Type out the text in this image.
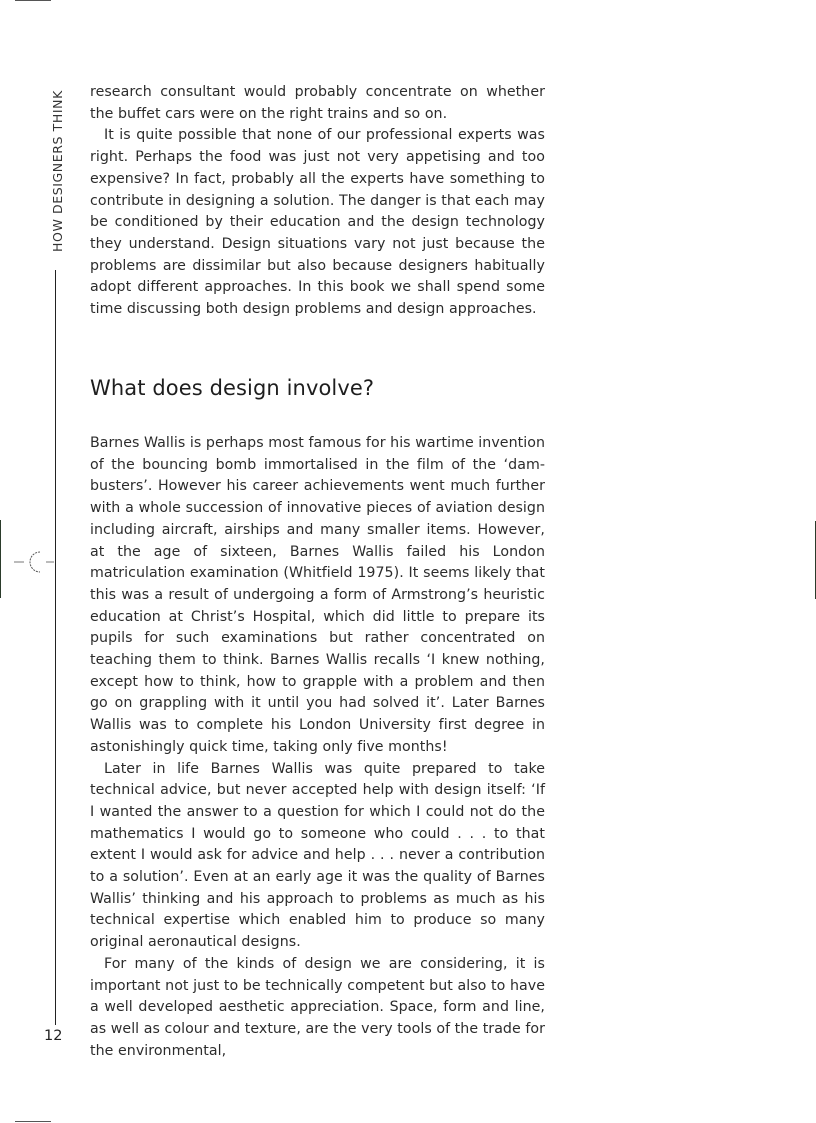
HOW DESIGNERS THINK
12

research consultant would probably concentrate on whether the buffet cars were on the right trains and so on.

It is quite possible that none of our professional experts was right. Perhaps the food was just not very appetising and too expensive? In fact, probably all the experts have something to contribute in designing a solution. The danger is that each may be conditioned by their education and the design technology they understand. Design situations vary not just because the problems are dissimilar but also because designers habitually adopt different approaches. In this book we shall spend some time discussing both design problems and design approaches.

What does design involve?

Barnes Wallis is perhaps most famous for his wartime invention of the bouncing bomb immortalised in the film of the ‘dam-busters’. However his career achievements went much further with a whole succession of innovative pieces of aviation design including aircraft, airships and many smaller items. However, at the age of sixteen, Barnes Wallis failed his London matriculation examination (Whitfield 1975). It seems likely that this was a result of undergoing a form of Armstrong’s heuristic education at Christ’s Hospital, which did little to prepare its pupils for such examinations but rather concentrated on teaching them to think. Barnes Wallis recalls ‘I knew nothing, except how to think, how to grapple with a problem and then go on grappling with it until you had solved it’. Later Barnes Wallis was to complete his London University first degree in astonishingly quick time, taking only five months!

Later in life Barnes Wallis was quite prepared to take technical advice, but never accepted help with design itself: ‘If I wanted the answer to a question for which I could not do the mathematics I would go to someone who could . . . to that extent I would ask for advice and help . . . never a contribution to a solution’. Even at an early age it was the quality of Barnes Wallis’ thinking and his approach to problems as much as his technical expertise which enabled him to produce so many original aeronautical designs.

For many of the kinds of design we are considering, it is important not just to be technically competent but also to have a well developed aesthetic appreciation. Space, form and line, as well as colour and texture, are the very tools of the trade for the environmental,
